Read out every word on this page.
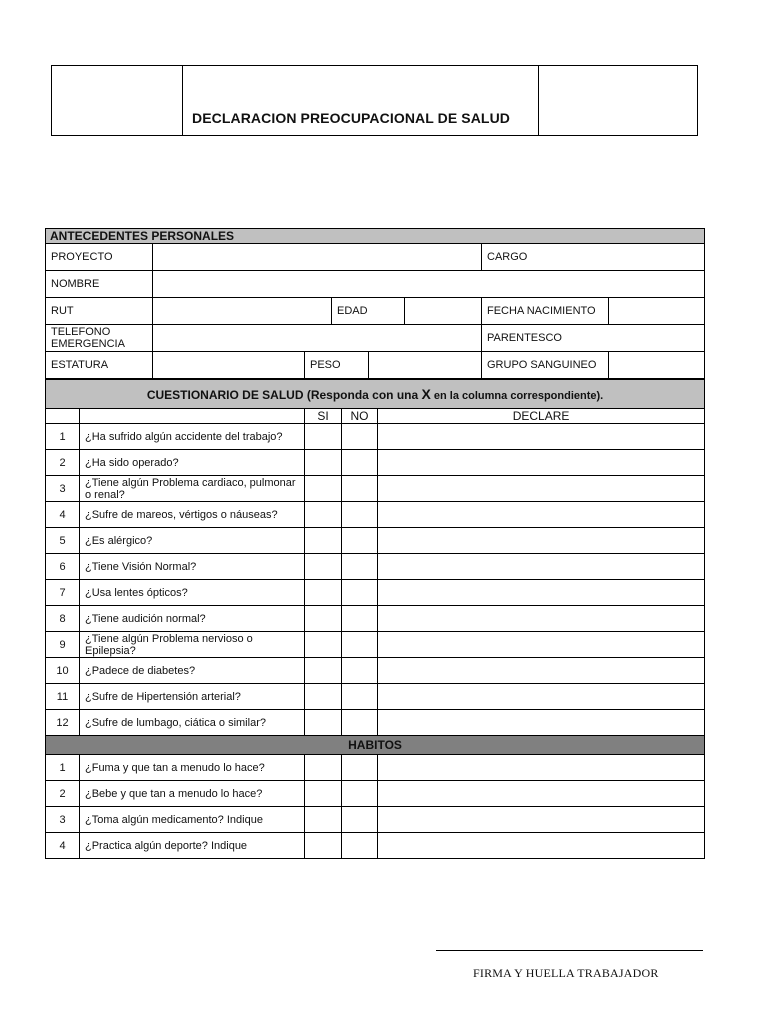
DECLARACION PREOCUPACIONAL DE SALUD
ANTECEDENTES PERSONALES								
PROYECTO						CARGO		
NOMBRE								
RUT			EDAD			FECHA NACIMIENTO		
TELEFONO EMERGENCIA						PARENTESCO		
ESTATURA		PESO				GRUPO SANGUINEO		
CUESTIONARIO DE SALUD (Responda con una X en la columna correspondiente).				
		SI	NO	DECLARE
1	¿Ha sufrido algún accidente del trabajo?			
2	¿Ha sido operado?			
3	¿Tiene algún Problema cardiaco, pulmonar o renal?			
4	¿Sufre de mareos, vértigos o náuseas?			
5	¿Es alérgico?			
6	¿Tiene Visión Normal?			
7	¿Usa lentes ópticos?			
8	¿Tiene audición normal?			
9	¿Tiene algún Problema nervioso o Epilepsia?			
10	¿Padece de diabetes?			
11	¿Sufre de Hipertensión arterial?			
12	¿Sufre de lumbago, ciática o similar?			
HABITOS				
1	¿Fuma y que tan a menudo lo hace?			
2	¿Bebe y que tan a menudo lo hace?			
3	¿Toma algún medicamento? Indique			
4	¿Practica algún deporte? Indique			
FIRMA Y HUELLA TRABAJADOR
